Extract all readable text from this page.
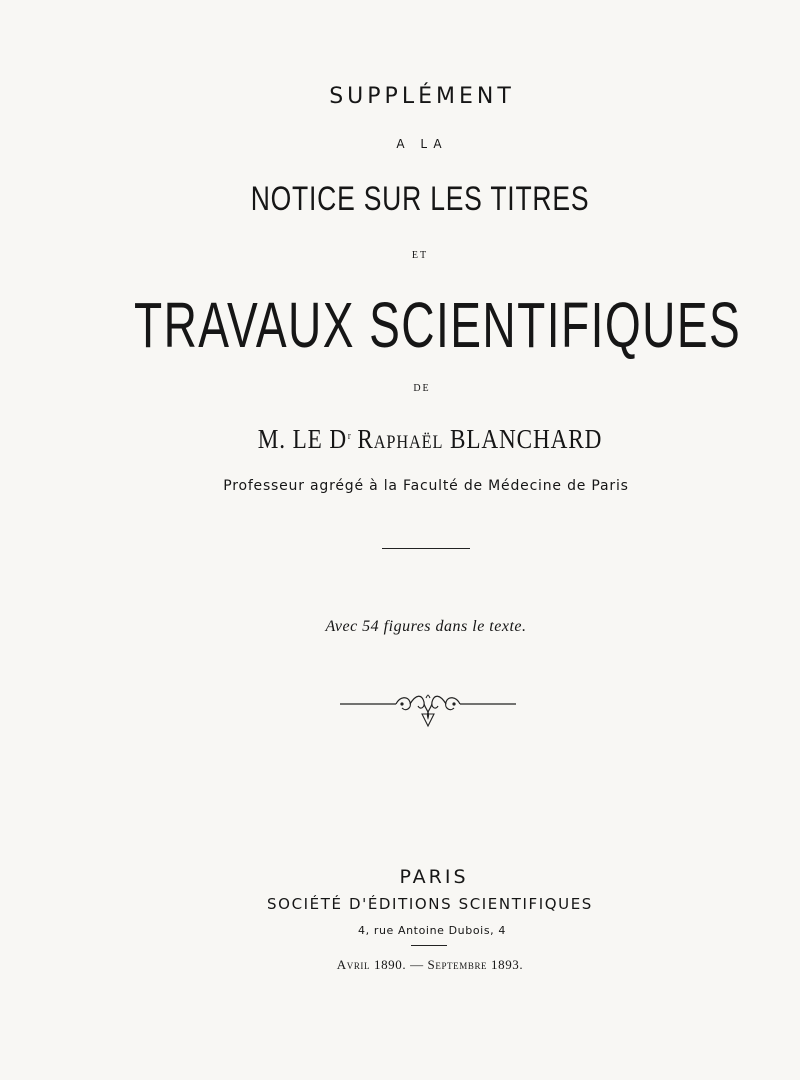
SUPPLÉMENT
A LA
NOTICE SUR LES TITRES
ET
TRAVAUX SCIENTIFIQUES
DE
M. LE $D^r$ Raphaël BLANCHARD
Professeur agrégé à la Faculté de Médecine de Paris
Avec 54 figures dans le texte.
PARIS
SOCIÉTÉ D'ÉDITIONS SCIENTIFIQUES
4, rue Antoine Dubois, 4
Avril 1890. — Septembre 1893.
